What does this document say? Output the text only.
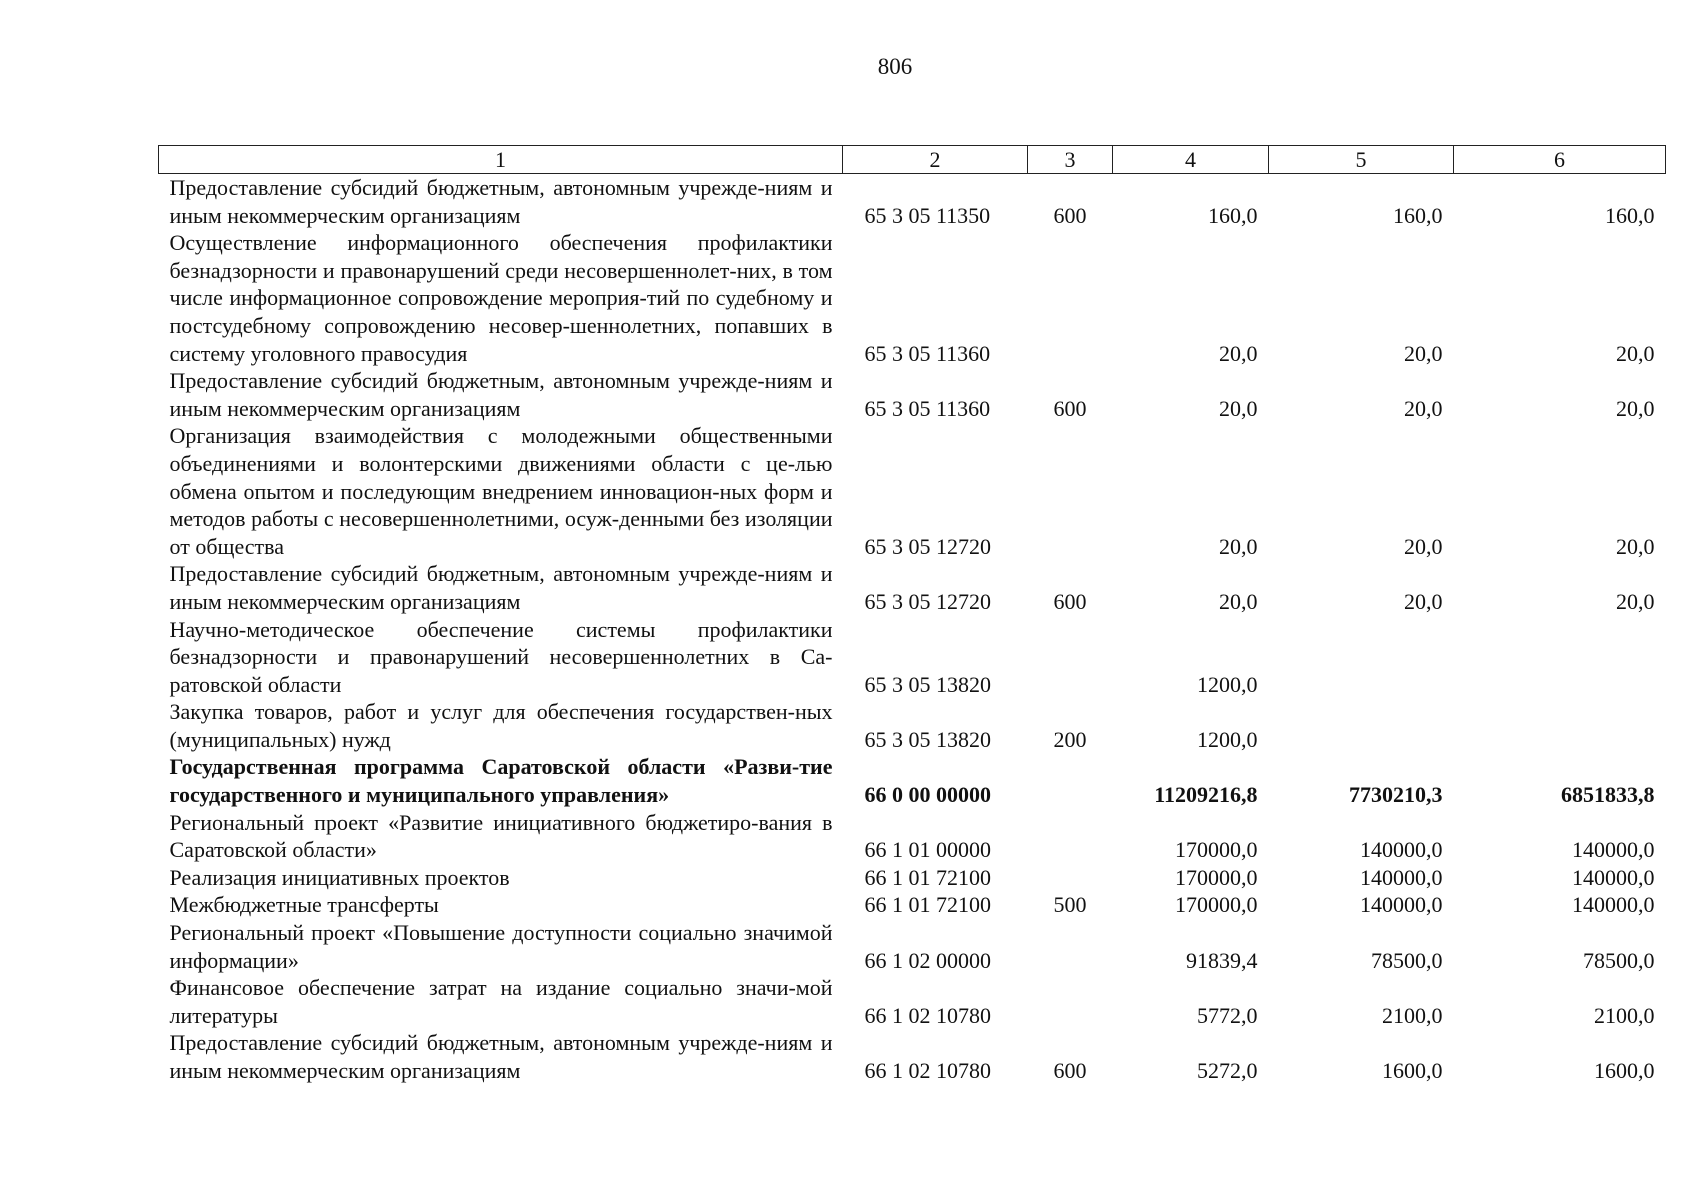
806
1	2	3	4	5	6
Предоставление субсидий бюджетным, автономным учрежде-ниям и иным некоммерческим организациям	65 3 05 11350	600	160,0	160,0	160,0
Осуществление информационного обеспечения профилактики безнадзорности и правонарушений среди несовершеннолет-них, в том числе информационное сопровождение мероприя-тий по судебному и постсудебному сопровождению несовер-шеннолетних, попавших в систему уголовного правосудия	65 3 05 11360		20,0	20,0	20,0
Предоставление субсидий бюджетным, автономным учрежде-ниям и иным некоммерческим организациям	65 3 05 11360	600	20,0	20,0	20,0
Организация взаимодействия с молодежными общественными объединениями и волонтерскими движениями области с це-лью обмена опытом и последующим внедрением инновацион-ных форм и методов работы с несовершеннолетними, осуж-денными без изоляции от общества	65 3 05 12720		20,0	20,0	20,0
Предоставление субсидий бюджетным, автономным учрежде-ниям и иным некоммерческим организациям	65 3 05 12720	600	20,0	20,0	20,0
Научно-методическое обеспечение системы профилактики безнадзорности и правонарушений несовершеннолетних в Са-ратовской области	65 3 05 13820		1200,0		
Закупка товаров, работ и услуг для обеспечения государствен-ных (муниципальных) нужд	65 3 05 13820	200	1200,0		
Государственная программа Саратовской области «Разви-тие государственного и муниципального управления»	66 0 00 00000		11209216,8	7730210,3	6851833,8
Региональный проект «Развитие инициативного бюджетиро-вания в Саратовской области»	66 1 01 00000		170000,0	140000,0	140000,0
Реализация инициативных проектов	66 1 01 72100		170000,0	140000,0	140000,0
Межбюджетные трансферты	66 1 01 72100	500	170000,0	140000,0	140000,0
Региональный проект «Повышение доступности социально значимой информации»	66 1 02 00000		91839,4	78500,0	78500,0
Финансовое обеспечение затрат на издание социально значи-мой литературы	66 1 02 10780		5772,0	2100,0	2100,0
Предоставление субсидий бюджетным, автономным учрежде-ниям и иным некоммерческим организациям	66 1 02 10780	600	5272,0	1600,0	1600,0
